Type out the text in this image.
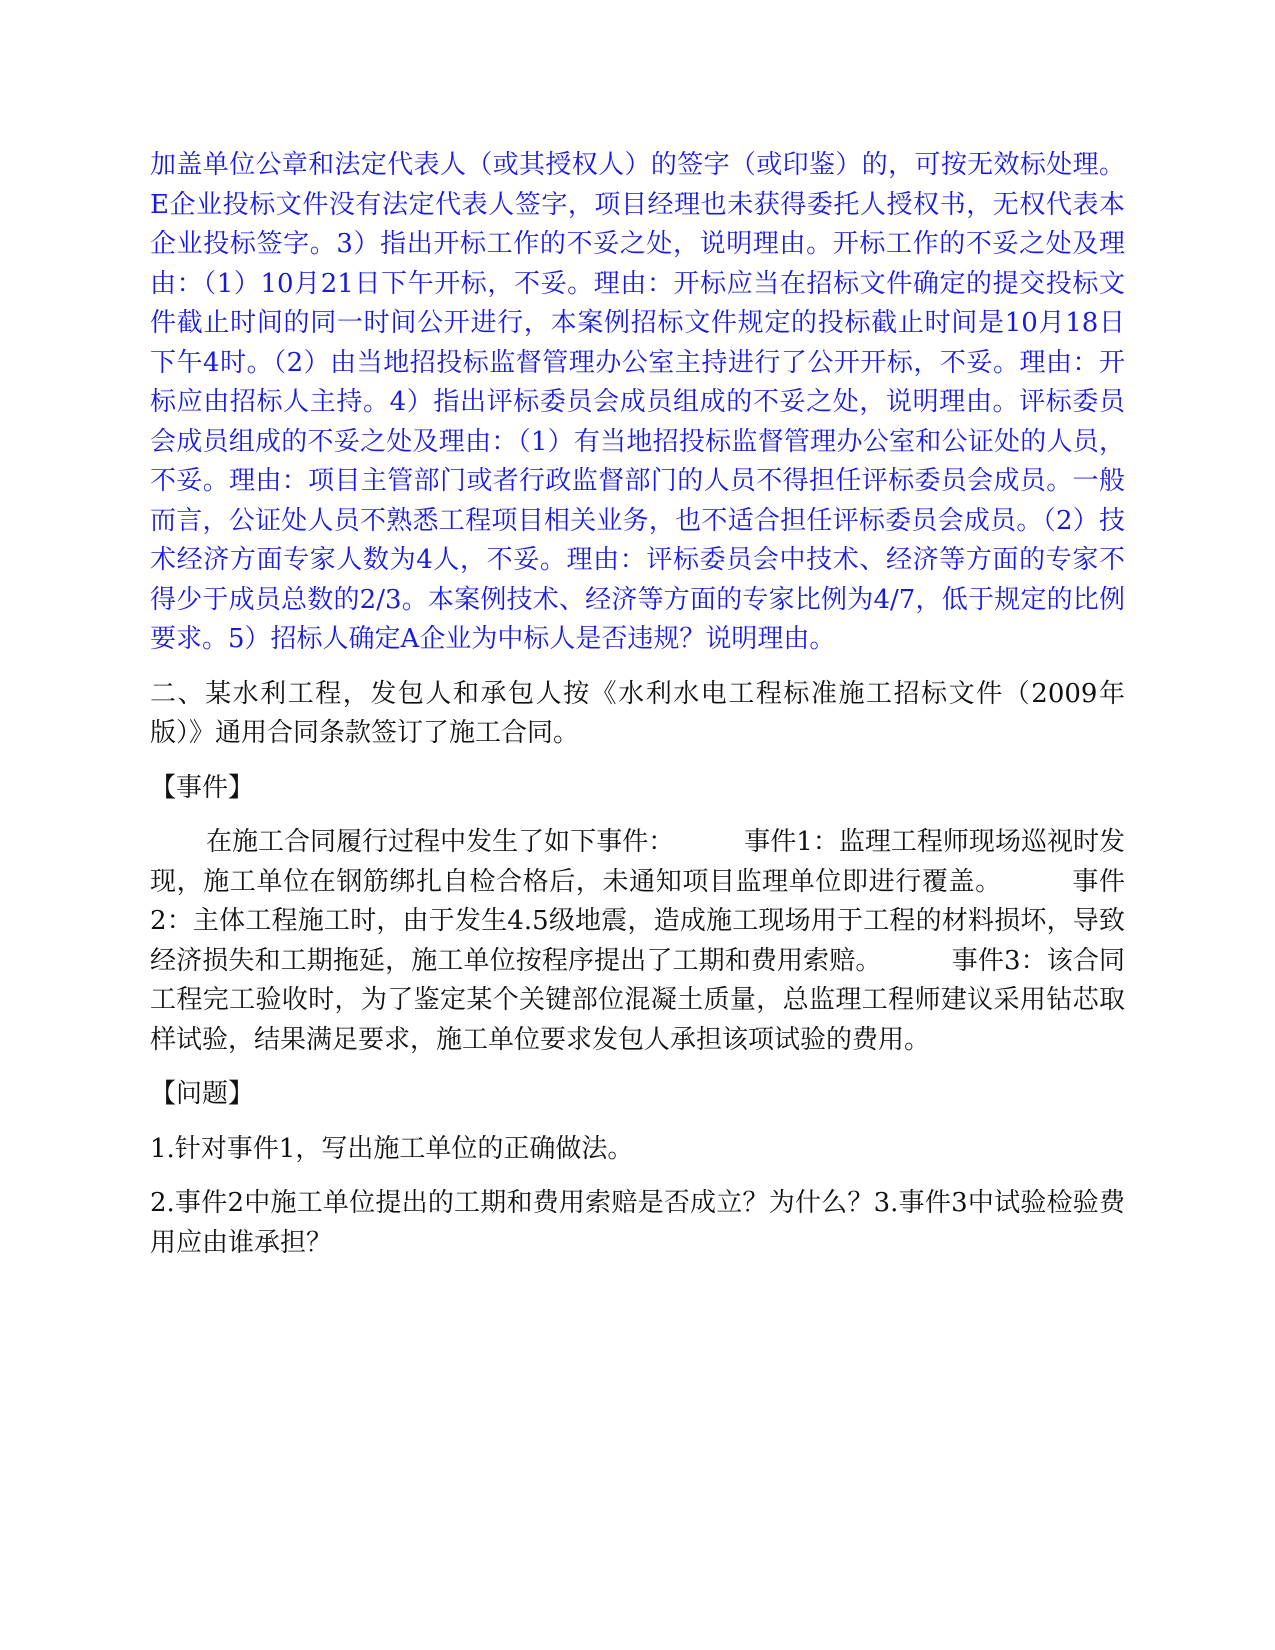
加盖单位公章和法定代表人（或其授权人）的签字（或印鉴）的，可按无效标处理。E企业投标文件没有法定代表人签字，项目经理也未获得委托人授权书，无权代表本企业投标签字。3）指出开标工作的不妥之处，说明理由。开标工作的不妥之处及理由：（1）10月21日下午开标，不妥。理由：开标应当在招标文件确定的提交投标文件截止时间的同一时间公开进行，本案例招标文件规定的投标截止时间是10月18日下午4时。（2）由当地招投标监督管理办公室主持进行了公开开标，不妥。理由：开标应由招标人主持。4）指出评标委员会成员组成的不妥之处，说明理由。评标委员会成员组成的不妥之处及理由：（1）有当地招投标监督管理办公室和公证处的人员，不妥。理由：项目主管部门或者行政监督部门的人员不得担任评标委员会成员。一般而言，公证处人员不熟悉工程项目相关业务，也不适合担任评标委员会成员。（2）技术经济方面专家人数为4人，不妥。理由：评标委员会中技术、经济等方面的专家不得少于成员总数的2/3。本案例技术、经济等方面的专家比例为4/7，低于规定的比例要求。5）招标人确定A企业为中标人是否违规？说明理由。

二、某水利工程，发包人和承包人按《水利水电工程标准施工招标文件（2009年版）》通用合同条款签订了施工合同。

【事件】

在施工合同履行过程中发生了如下事件：	事件1：监理工程师现场巡视时发现，施工单位在钢筋绑扎自检合格后，未通知项目监理单位即进行覆盖。	事件2：主体工程施工时，由于发生4.5级地震，造成施工现场用于工程的材料损坏，导致经济损失和工期拖延，施工单位按程序提出了工期和费用索赔。	事件3：该合同工程完工验收时，为了鉴定某个关键部位混凝土质量，总监理工程师建议采用钻芯取样试验，结果满足要求，施工单位要求发包人承担该项试验的费用。

【问题】

1.针对事件1，写出施工单位的正确做法。

2.事件2中施工单位提出的工期和费用索赔是否成立？为什么？3.事件3中试验检验费用应由谁承担？
